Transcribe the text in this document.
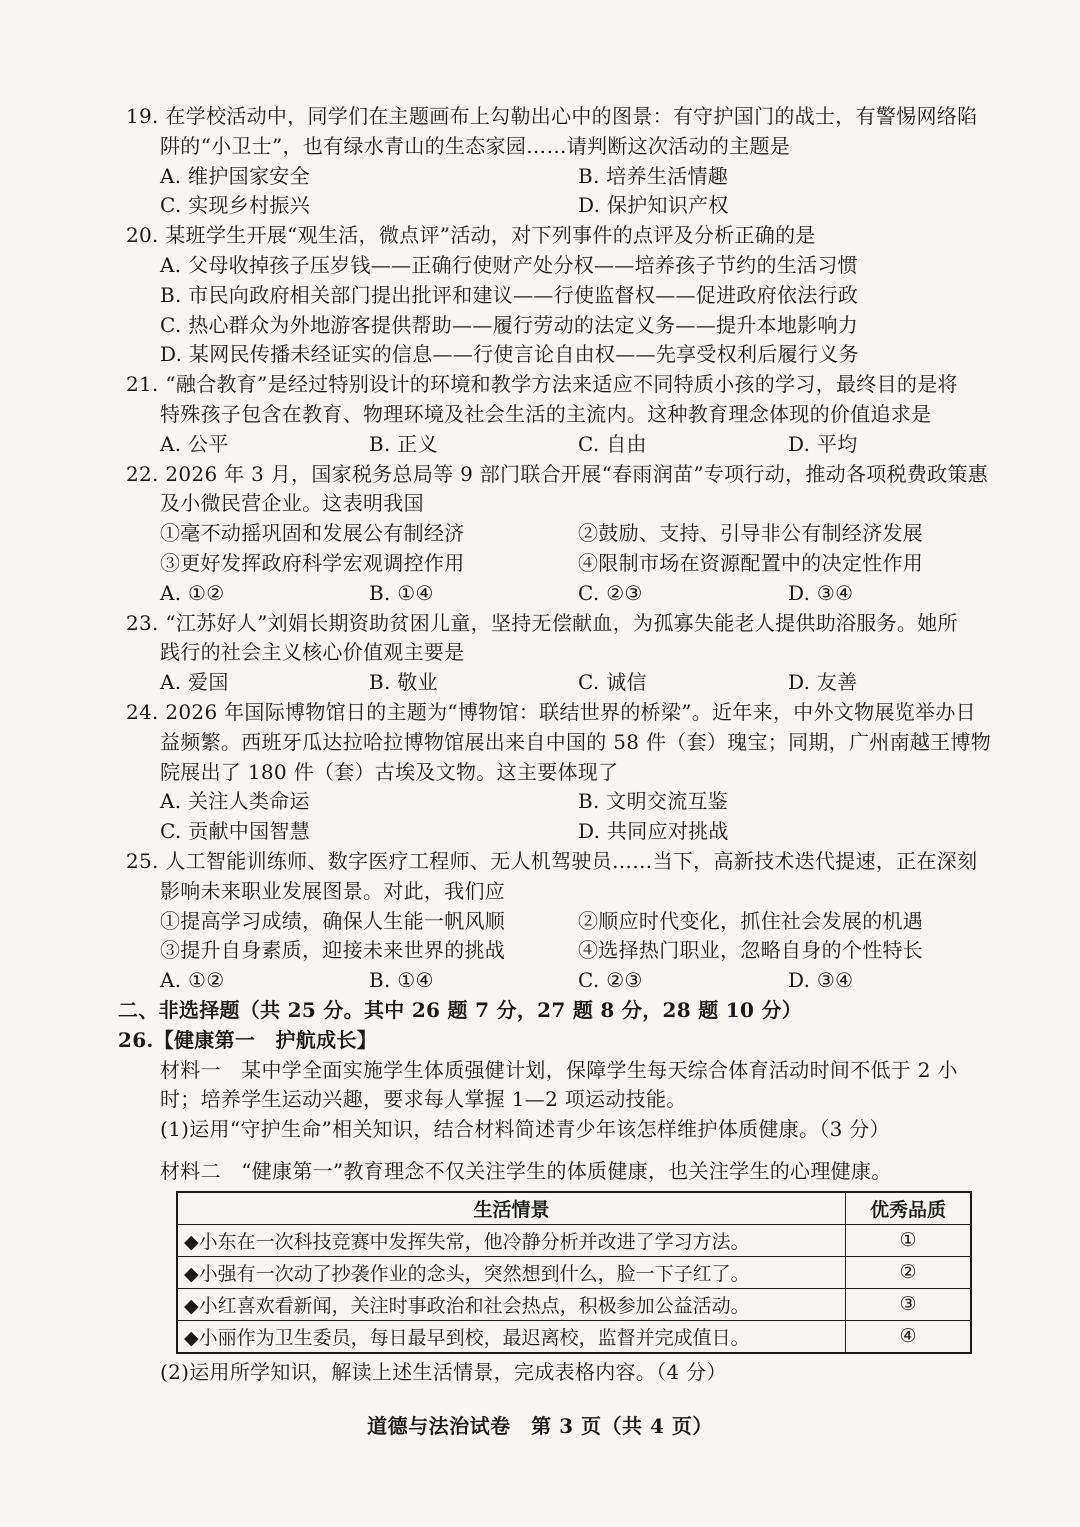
19. 在学校活动中，同学们在主题画布上勾勒出心中的图景：有守护国门的战士，有警惕网络陷
阱的“小卫士”，也有绿水青山的生态家园……请判断这次活动的主题是
A. 维护国家安全	B. 培养生活情趣
C. 实现乡村振兴	D. 保护知识产权
20. 某班学生开展“观生活，微点评”活动，对下列事件的点评及分析正确的是
A. 父母收掉孩子压岁钱——正确行使财产处分权——培养孩子节约的生活习惯
B. 市民向政府相关部门提出批评和建议——行使监督权——促进政府依法行政
C. 热心群众为外地游客提供帮助——履行劳动的法定义务——提升本地影响力
D. 某网民传播未经证实的信息——行使言论自由权——先享受权利后履行义务
21. “融合教育”是经过特别设计的环境和教学方法来适应不同特质小孩的学习，最终目的是将
特殊孩子包含在教育、物理环境及社会生活的主流内。这种教育理念体现的价值追求是
A. 公平	B. 正义	C. 自由	D. 平均
22. 2026 年 3 月，国家税务总局等 9 部门联合开展“春雨润苗”专项行动，推动各项税费政策惠
及小微民营企业。这表明我国
①毫不动摇巩固和发展公有制经济	②鼓励、支持、引导非公有制经济发展
③更好发挥政府科学宏观调控作用	④限制市场在资源配置中的决定性作用
A. ①②	B. ①④	C. ②③	D. ③④
23. “江苏好人”刘娟长期资助贫困儿童，坚持无偿献血，为孤寡失能老人提供助浴服务。她所
践行的社会主义核心价值观主要是
A. 爱国	B. 敬业	C. 诚信	D. 友善
24. 2026 年国际博物馆日的主题为“博物馆：联结世界的桥梁”。近年来，中外文物展览举办日
益频繁。西班牙瓜达拉哈拉博物馆展出来自中国的 58 件（套）瑰宝；同期，广州南越王博物
院展出了 180 件（套）古埃及文物。这主要体现了
A. 关注人类命运	B. 文明交流互鉴
C. 贡献中国智慧	D. 共同应对挑战
25. 人工智能训练师、数字医疗工程师、无人机驾驶员……当下，高新技术迭代提速，正在深刻
影响未来职业发展图景。对此，我们应
①提高学习成绩，确保人生能一帆风顺	②顺应时代变化，抓住社会发展的机遇
③提升自身素质，迎接未来世界的挑战	④选择热门职业，忽略自身的个性特长
A. ①②	B. ①④	C. ②③	D. ③④
二、非选择题（共 25 分。其中 26 题 7 分，27 题 8 分，28 题 10 分）
26.【健康第一　护航成长】
材料一　某中学全面实施学生体质强健计划，保障学生每天综合体育活动时间不低于 2 小
时；培养学生运动兴趣，要求每人掌握 1—2 项运动技能。
(1)运用“守护生命”相关知识，结合材料简述青少年该怎样维护体质健康。（3 分）
材料二　“健康第一”教育理念不仅关注学生的体质健康，也关注学生的心理健康。
生活情景	优秀品质
◆小东在一次科技竞赛中发挥失常，他冷静分析并改进了学习方法。	①
◆小强有一次动了抄袭作业的念头，突然想到什么，脸一下子红了。	②
◆小红喜欢看新闻，关注时事政治和社会热点，积极参加公益活动。	③
◆小丽作为卫生委员，每日最早到校，最迟离校，监督并完成值日。	④
(2)运用所学知识，解读上述生活情景，完成表格内容。（4 分）
道德与法治试卷　第 3 页（共 4 页）
